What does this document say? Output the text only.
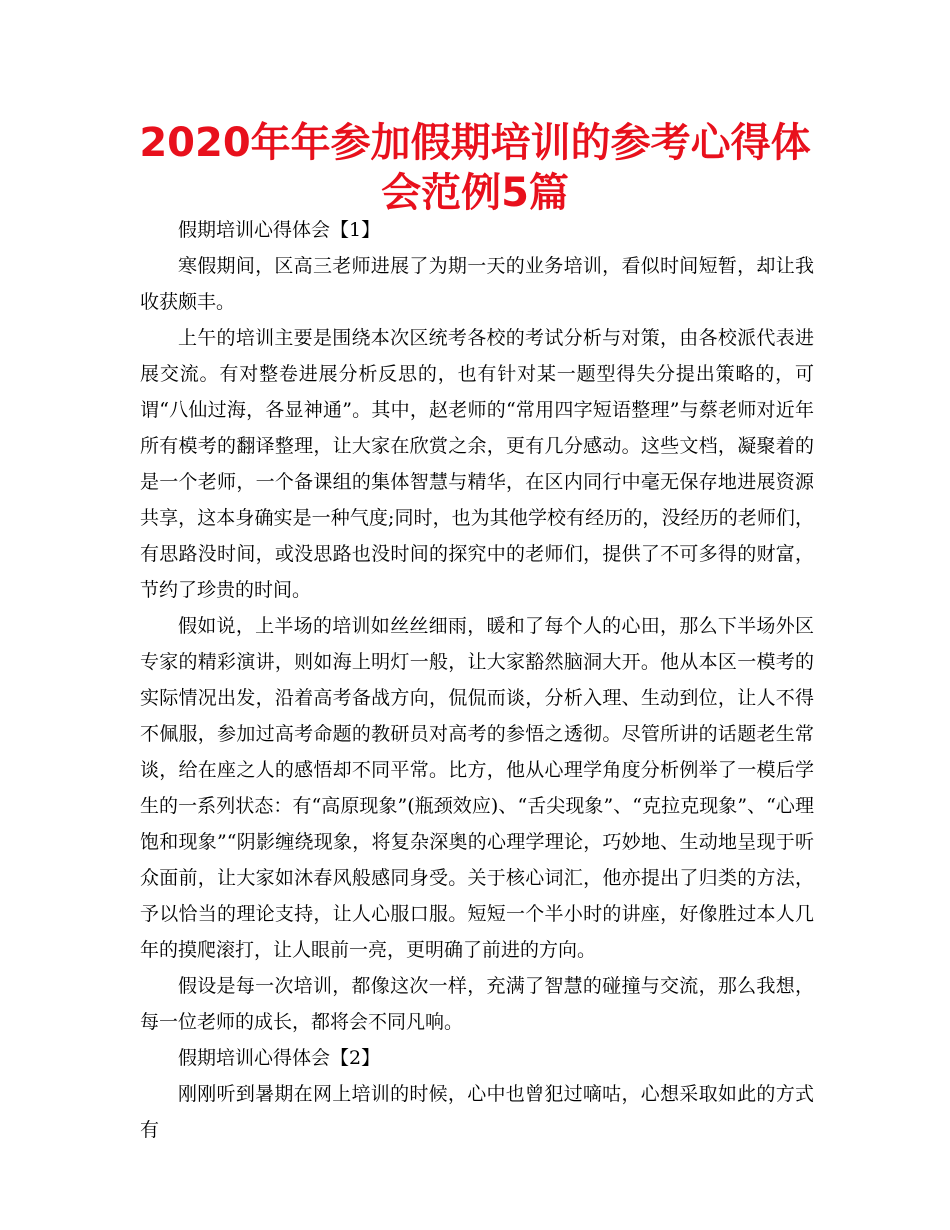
2020年年参加假期培训的参考心得体会范例5篇

假期培训心得体会【1】

寒假期间，区高三老师进展了为期一天的业务培训，看似时间短暂，却让我收获颇丰。

上午的培训主要是围绕本次区统考各校的考试分析与对策，由各校派代表进展交流。有对整卷进展分析反思的，也有针对某一题型得失分提出策略的，可谓“八仙过海，各显神通”。其中，赵老师的“常用四字短语整理”与蔡老师对近年所有模考的翻译整理，让大家在欣赏之余，更有几分感动。这些文档，凝聚着的是一个老师，一个备课组的集体智慧与精华，在区内同行中毫无保存地进展资源共享，这本身确实是一种气度;同时，也为其他学校有经历的，没经历的老师们，有思路没时间，或没思路也没时间的探究中的老师们，提供了不可多得的财富，节约了珍贵的时间。

假如说，上半场的培训如丝丝细雨，暖和了每个人的心田，那么下半场外区专家的精彩演讲，则如海上明灯一般，让大家豁然脑洞大开。他从本区一模考的实际情况出发，沿着高考备战方向，侃侃而谈，分析入理、生动到位，让人不得不佩服，参加过高考命题的教研员对高考的参悟之透彻。尽管所讲的话题老生常谈，给在座之人的感悟却不同平常。比方，他从心理学角度分析例举了一模后学生的一系列状态：有“高原现象”(瓶颈效应)、“舌尖现象”、“克拉克现象”、“心理饱和现象”“阴影缠绕现象，将复杂深奥的心理学理论，巧妙地、生动地呈现于听众面前，让大家如沐春风般感同身受。关于核心词汇，他亦提出了归类的方法，予以恰当的理论支持，让人心服口服。短短一个半小时的讲座，好像胜过本人几年的摸爬滚打，让人眼前一亮，更明确了前进的方向。

假设是每一次培训，都像这次一样，充满了智慧的碰撞与交流，那么我想，每一位老师的成长，都将会不同凡响。

假期培训心得体会【2】

刚刚听到暑期在网上培训的时候，心中也曾犯过嘀咕，心想采取如此的方式有
